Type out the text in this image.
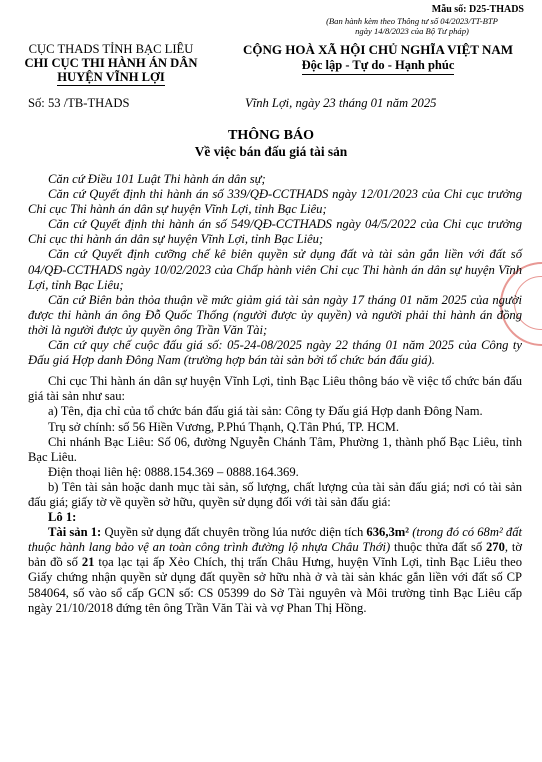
Mẫu số: D25-THADS
(Ban hành kèm theo Thông tư số 04/2023/TT-BTP
ngày 14/8/2023 của Bộ Tư pháp)
CỤC THADS TỈNH BẠC LIÊU
CHI CỤC THI HÀNH ÁN DÂN
HUYỆN VĨNH LỢI
CỘNG HOÀ XÃ HỘI CHỦ NGHĨA VIỆT NAM
Độc lập - Tự do - Hạnh phúc
Số: 53 /TB-THADS	Vĩnh Lợi, ngày 23 tháng 01 năm 2025
THÔNG BÁO
Về việc bán đấu giá tài sản

Căn cứ Điều 101 Luật Thi hành án dân sự;

Căn cứ Quyết định thi hành án số 339/QĐ-CCTHADS ngày 12/01/2023 của Chi cục trưởng Chi cục Thi hành án dân sự huyện Vĩnh Lợi, tỉnh Bạc Liêu;

Căn cứ Quyết định thi hành án số 549/QĐ-CCTHADS ngày 04/5/2022 của Chi cục trưởng Chi cục thi hành án dân sự huyện Vĩnh Lợi, tỉnh Bạc Liêu;

Căn cứ Quyết định cưỡng chế kê biên quyền sử dụng đất và tài sản gắn liền với đất số 04/QĐ-CCTHADS ngày 10/02/2023 của Chấp hành viên Chi cục Thi hành án dân sự huyện Vĩnh Lợi, tỉnh Bạc Liêu;

Căn cứ Biên bản thỏa thuận về mức giảm giá tài sản ngày 17 tháng 01 năm 2025 của người được thi hành án ông Đỗ Quốc Thống (người được ủy quyền) và người phải thi hành án đồng thời là người được ủy quyền ông Trần Văn Tài;

Căn cứ quy chế cuộc đấu giá số: 05-24-08/2025 ngày 22 tháng 01 năm 2025 của Công ty Đấu giá Hợp danh Đông Nam (trường hợp bán tài sản bởi tổ chức bán đấu giá).

Chi cục Thi hành án dân sự huyện Vĩnh Lợi, tỉnh Bạc Liêu thông báo về việc tổ chức bán đấu giá tài sản như sau:

a) Tên, địa chỉ của tổ chức bán đấu giá tài sản: Công ty Đấu giá Hợp danh Đông Nam.

Trụ sở chính: số 56 Hiền Vương, P.Phú Thạnh, Q.Tân Phú, TP. HCM.

Chi nhánh Bạc Liêu: Số 06, đường Nguyễn Chánh Tâm, Phường 1, thành phố Bạc Liêu, tỉnh Bạc Liêu.

Điện thoại liên hệ: 0888.154.369 – 0888.164.369.

b) Tên tài sản hoặc danh mục tài sản, số lượng, chất lượng của tài sản đấu giá; nơi có tài sản đấu giá; giấy tờ về quyền sở hữu, quyền sử dụng đối với tài sản đấu giá:

Lô 1:

Tài sản 1: Quyền sử dụng đất chuyên trồng lúa nước diện tích 636,3m² (trong đó có 68m² đất thuộc hành lang bảo vệ an toàn công trình đường lộ nhựa Châu Thới) thuộc thửa đất số 270, tờ bản đồ số 21 tọa lạc tại ấp Xẻo Chích, thị trấn Châu Hưng, huyện Vĩnh Lợi, tỉnh Bạc Liêu theo Giấy chứng nhận quyền sử dụng đất quyền sở hữu nhà ở và tài sản khác gắn liền với đất số CP 584064, số vào sổ cấp GCN số: CS 05399 do Sở Tài nguyên và Môi trường tỉnh Bạc Liêu cấp ngày 21/10/2018 đứng tên ông Trần Văn Tài và vợ Phan Thị Hồng.
